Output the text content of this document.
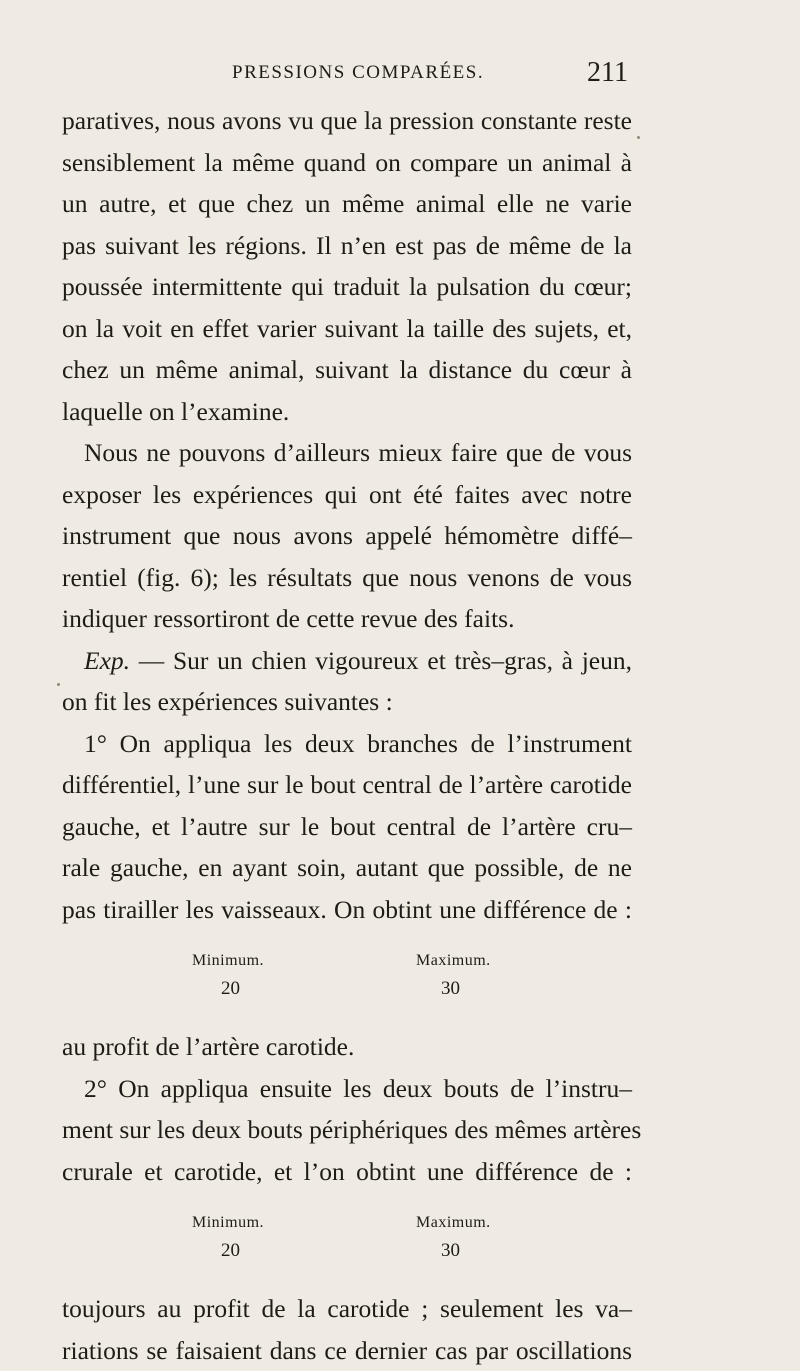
PRESSIONS COMPARÉES.	211
paratives, nous avons vu que la pression constante reste
sensiblement la même quand on compare un animal à
un autre, et que chez un même animal elle ne varie
pas suivant les régions. Il n’en est pas de même de la
poussée intermittente qui traduit la pulsation du cœur;
on la voit en effet varier suivant la taille des sujets, et,
chez un même animal, suivant la distance du cœur à
laquelle on l’examine.
Nous ne pouvons d’ailleurs mieux faire que de vous
exposer les expériences qui ont été faites avec notre
instrument que nous avons appelé hémomètre diffé–
rentiel (fig. 6); les résultats que nous venons de vous
indiquer ressortiront de cette revue des faits.
Exp. — Sur un chien vigoureux et très–gras, à jeun,
on fit les expériences suivantes :
1° On appliqua les deux branches de l’instrument
différentiel, l’une sur le bout central de l’artère carotide
gauche, et l’autre sur le bout central de l’artère cru–
rale gauche, en ayant soin, autant que possible, de ne
pas tirailler les vaisseaux. On obtint une différence de :
Minimum.	Maximum.
20	30
au profit de l’artère carotide.
2° On appliqua ensuite les deux bouts de l’instru–
ment sur les deux bouts périphériques des mêmes artères
crurale et carotide, et l’on obtint une différence de :
Minimum.	Maximum.
20	30
toujours au profit de la carotide ; seulement les va–
riations se faisaient dans ce dernier cas par oscillations
